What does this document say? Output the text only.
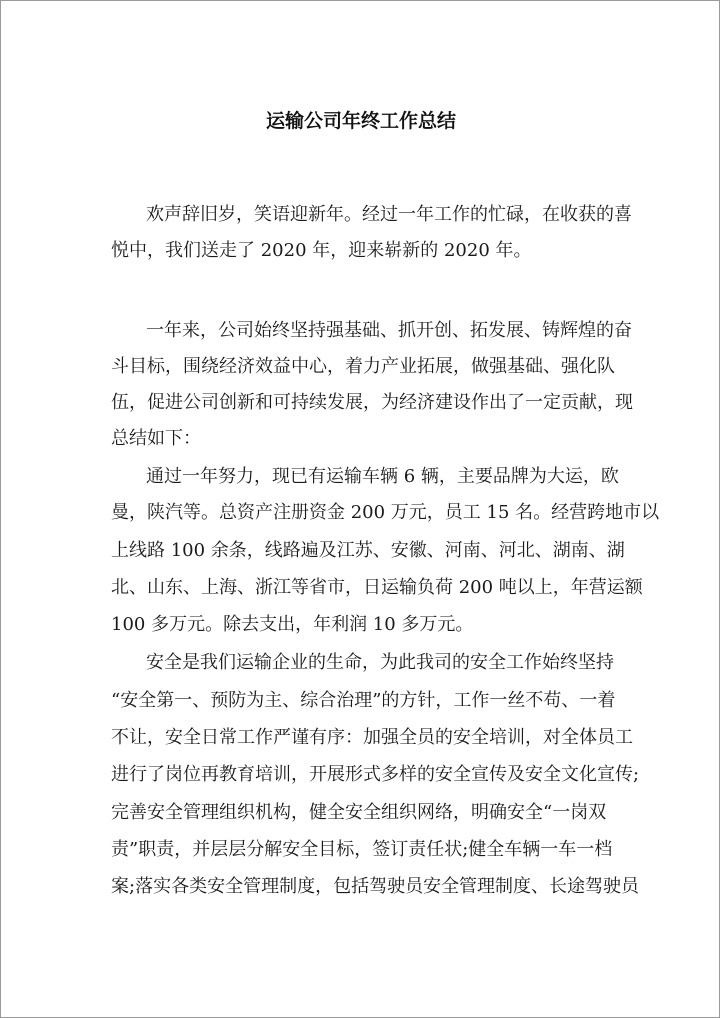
运输公司年终工作总结

欢声辞旧岁，笑语迎新年。经过一年工作的忙碌，在收获的喜

悦中，我们送走了 2020 年，迎来崭新的 2020 年。

一年来，公司始终坚持强基础、抓开创、拓发展、铸辉煌的奋

斗目标，围绕经济效益中心，着力产业拓展，做强基础、强化队

伍，促进公司创新和可持续发展，为经济建设作出了一定贡献，现

总结如下：

通过一年努力，现已有运输车辆 6 辆，主要品牌为大运，欧

曼，陕汽等。总资产注册资金 200 万元，员工 15 名。经营跨地市以

上线路 100 余条，线路遍及江苏、安徽、河南、河北、湖南、湖

北、山东、上海、浙江等省市，日运输负荷 200 吨以上，年营运额

100 多万元。除去支出，年利润 10 多万元。

安全是我们运输企业的生命，为此我司的安全工作始终坚持

“安全第一、预防为主、综合治理”的方针，工作一丝不苟、一着

不让，安全日常工作严谨有序：加强全员的安全培训，对全体员工

进行了岗位再教育培训，开展形式多样的安全宣传及安全文化宣传;

完善安全管理组织机构，健全安全组织网络，明确安全“一岗双

责”职责，并层层分解安全目标，签订责任状;健全车辆一车一档

案;落实各类安全管理制度，包括驾驶员安全管理制度、长途驾驶员
